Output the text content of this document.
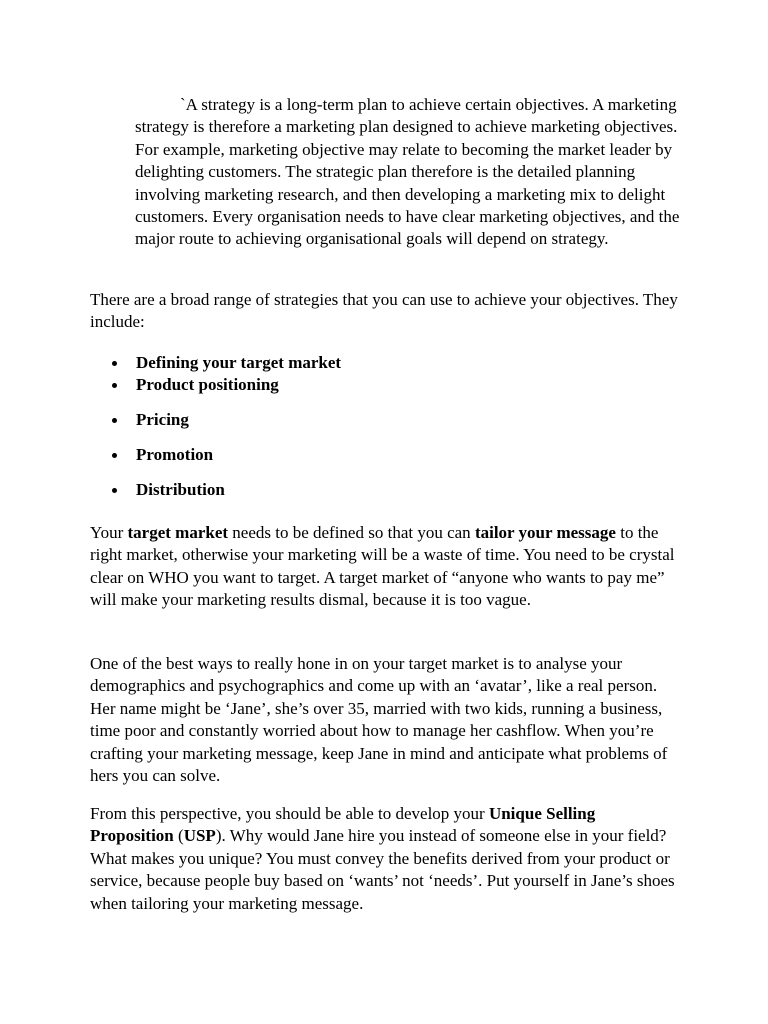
`A strategy is a long-term plan to achieve certain objectives. A marketing strategy is therefore a marketing plan designed to achieve marketing objectives. For example, marketing objective may relate to becoming the market leader by delighting customers. The strategic plan therefore is the detailed planning involving marketing research, and then developing a marketing mix to delight customers. Every organisation needs to have clear marketing objectives, and the major route to achieving organisational goals will depend on strategy.

There are a broad range of strategies that you can use to achieve your objectives. They include:

Defining your target market
Product positioning
Pricing
Promotion
Distribution

Your target market needs to be defined so that you can tailor your message to the right market, otherwise your marketing will be a waste of time. You need to be crystal clear on WHO you want to target. A target market of “anyone who wants to pay me” will make your marketing results dismal, because it is too vague.

One of the best ways to really hone in on your target market is to analyse your demographics and psychographics and come up with an ‘avatar’, like a real person. Her name might be ‘Jane’, she’s over 35, married with two kids, running a business, time poor and constantly worried about how to manage her cashflow. When you’re crafting your marketing message, keep Jane in mind and anticipate what problems of hers you can solve.

From this perspective, you should be able to develop your Unique Selling Proposition (USP). Why would Jane hire you instead of someone else in your field? What makes you unique? You must convey the benefits derived from your product or service, because people buy based on ‘wants’ not ‘needs’. Put yourself in Jane’s shoes when tailoring your marketing message.
